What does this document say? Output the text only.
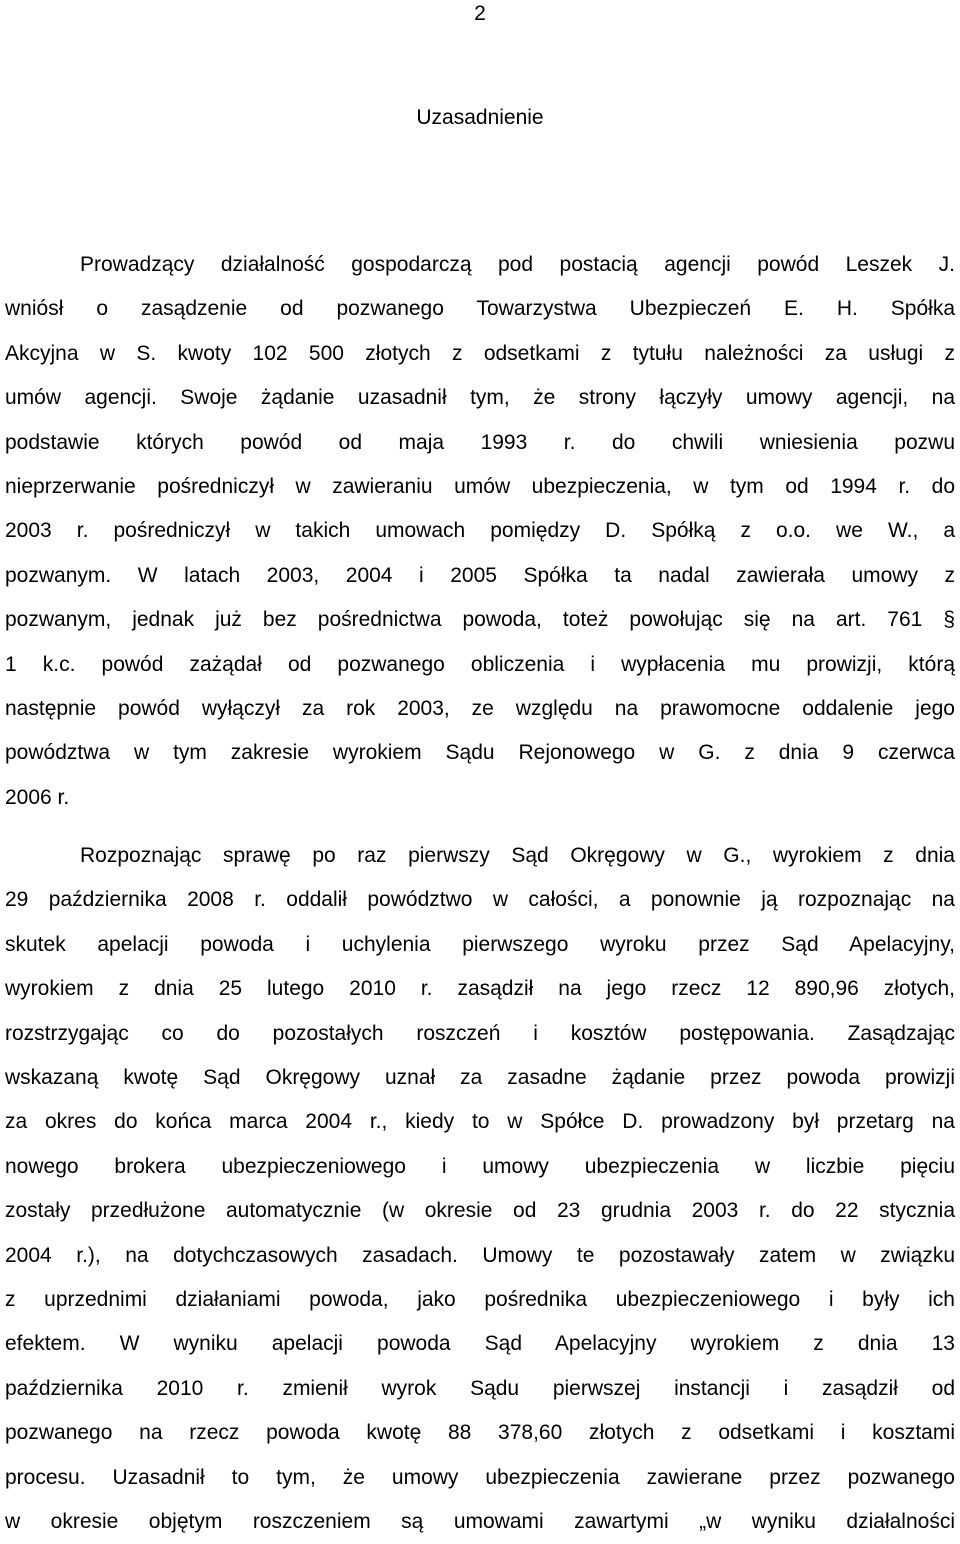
2
Uzasadnienie
Prowadzący działalność gospodarczą pod postacią agencji powód Leszek J.
wniósł o zasądzenie od pozwanego Towarzystwa Ubezpieczeń E. H. Spółka
Akcyjna w S. kwoty 102 500 złotych z odsetkami z tytułu należności za usługi z
umów agencji. Swoje żądanie uzasadnił tym, że strony łączyły umowy agencji, na
podstawie których powód od maja 1993 r. do chwili wniesienia pozwu
nieprzerwanie pośredniczył w zawieraniu umów ubezpieczenia, w tym od 1994 r. do
2003 r. pośredniczył w takich umowach pomiędzy D. Spółką z o.o. we W., a
pozwanym. W latach 2003, 2004 i 2005 Spółka ta nadal zawierała umowy z
pozwanym, jednak już bez pośrednictwa powoda, toteż powołując się na art. 761 §
1 k.c. powód zażądał od pozwanego obliczenia i wypłacenia mu prowizji, którą
następnie powód wyłączył za rok 2003, ze względu na prawomocne oddalenie jego
powództwa w tym zakresie wyrokiem Sądu Rejonowego w G. z dnia 9 czerwca
2006 r.
Rozpoznając sprawę po raz pierwszy Sąd Okręgowy w G., wyrokiem z dnia
29 października 2008 r. oddalił powództwo w całości, a ponownie ją rozpoznając na
skutek apelacji powoda i uchylenia pierwszego wyroku przez Sąd Apelacyjny,
wyrokiem z dnia 25 lutego 2010 r. zasądził na jego rzecz 12 890,96 złotych,
rozstrzygając co do pozostałych roszczeń i kosztów postępowania. Zasądzając
wskazaną kwotę Sąd Okręgowy uznał za zasadne żądanie przez powoda prowizji
za okres do końca marca 2004 r., kiedy to w Spółce D. prowadzony był przetarg na
nowego brokera ubezpieczeniowego i umowy ubezpieczenia w liczbie pięciu
zostały przedłużone automatycznie (w okresie od 23 grudnia 2003 r. do 22 stycznia
2004 r.), na dotychczasowych zasadach. Umowy te pozostawały zatem w związku
z uprzednimi działaniami powoda, jako pośrednika ubezpieczeniowego i były ich
efektem. W wyniku apelacji powoda Sąd Apelacyjny wyrokiem z dnia 13
października 2010 r. zmienił wyrok Sądu pierwszej instancji i zasądził od
pozwanego na rzecz powoda kwotę 88 378,60 złotych z odsetkami i kosztami
procesu. Uzasadnił to tym, że umowy ubezpieczenia zawierane przez pozwanego
w okresie objętym roszczeniem są umowami zawartymi „w wyniku działalności
